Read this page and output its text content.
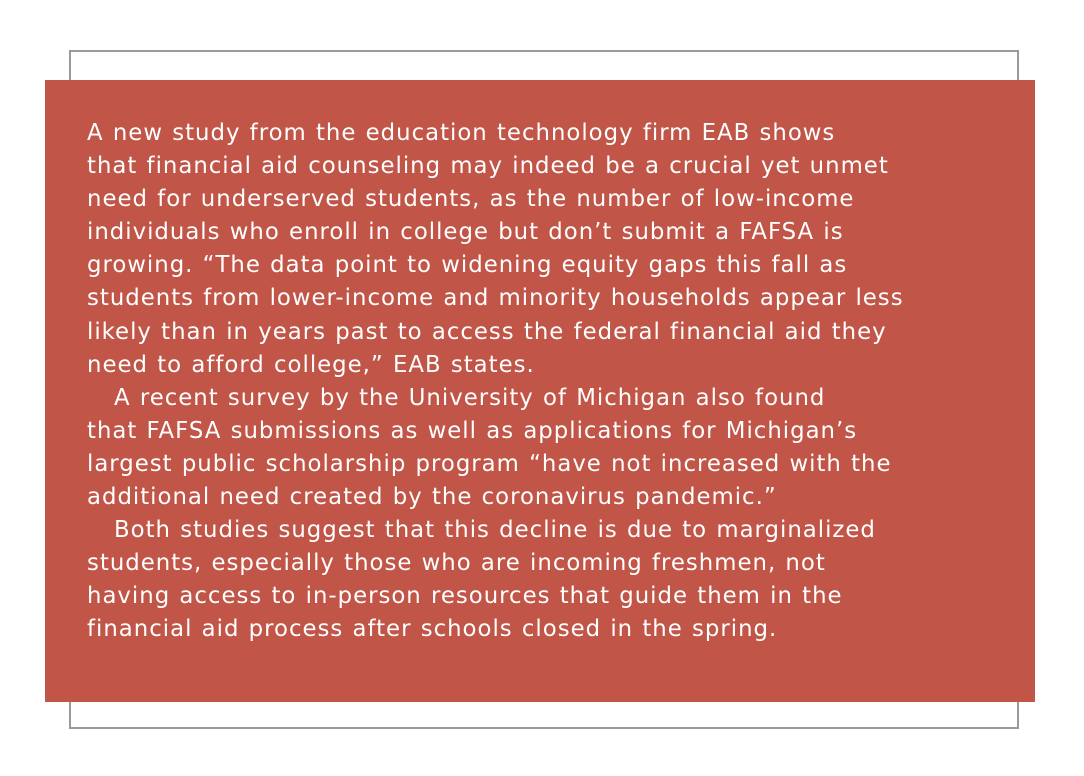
A new study from the education technology firm EAB shows
that financial aid counseling may indeed be a crucial yet unmet
need for underserved students, as the number of low-income
individuals who enroll in college but don’t submit a FAFSA is
growing. “The data point to widening equity gaps this fall as
students from lower-income and minority households appear less
likely than in years past to access the federal financial aid they
need to afford college,” EAB states.
A recent survey by the University of Michigan also found
that FAFSA submissions as well as applications for Michigan’s
largest public scholarship program “have not increased with the
additional need created by the coronavirus pandemic.”
Both studies suggest that this decline is due to marginalized
students, especially those who are incoming freshmen, not
having access to in-person resources that guide them in the
financial aid process after schools closed in the spring.
